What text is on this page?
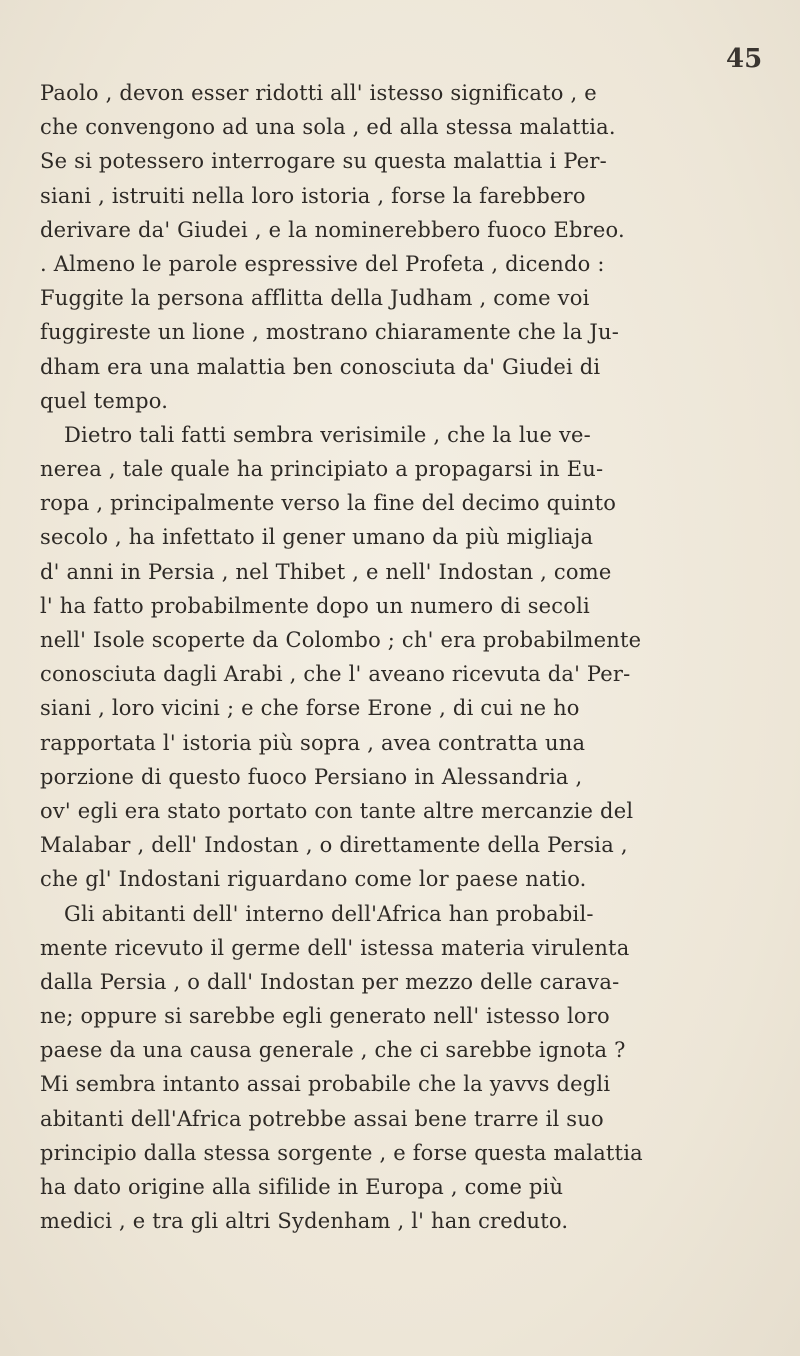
45
Paolo , devon esser ridotti all' istesso significato , e
che convengono ad una sola , ed alla stessa malattia.
Se si potessero interrogare su questa malattia i Per-
siani , istruiti nella loro istoria , forse la farebbero
derivare da' Giudei , e la nominerebbero fuoco Ebreo.
. Almeno le parole espressive del Profeta , dicendo :
Fuggite la persona afflitta della Judham , come voi
fuggireste un lione , mostrano chiaramente che la Ju-
dham era una malattia ben conosciuta da' Giudei di
quel tempo.
Dietro tali fatti sembra verisimile , che la lue ve-
nerea , tale quale ha principiato a propagarsi in Eu-
ropa , principalmente verso la fine del decimo quinto
secolo , ha infettato il gener umano da più migliaja
d' anni in Persia , nel Thibet , e nell' Indostan , come
l' ha fatto probabilmente dopo un numero di secoli
nell' Isole scoperte da Colombo ; ch' era probabilmente
conosciuta dagli Arabi , che l' aveano ricevuta da' Per-
siani , loro vicini ; e che forse Erone , di cui ne ho
rapportata l' istoria più sopra , avea contratta una
porzione di questo fuoco Persiano in Alessandria ,
ov' egli era stato portato con tante altre mercanzie del
Malabar , dell' Indostan , o direttamente della Persia ,
che gl' Indostani riguardano come lor paese natio.
Gli abitanti dell' interno dell'Africa han probabil-
mente ricevuto il germe dell' istessa materia virulenta
dalla Persia , o dall' Indostan per mezzo delle carava-
ne; oppure si sarebbe egli generato nell' istesso loro
paese da una causa generale , che ci sarebbe ignota ?
Mi sembra intanto assai probabile che la yavvs degli
abitanti dell'Africa potrebbe assai bene trarre il suo
principio dalla stessa sorgente , e forse questa malattia
ha dato origine alla sifilide in Europa , come più
medici , e tra gli altri Sydenham , l' han creduto.
